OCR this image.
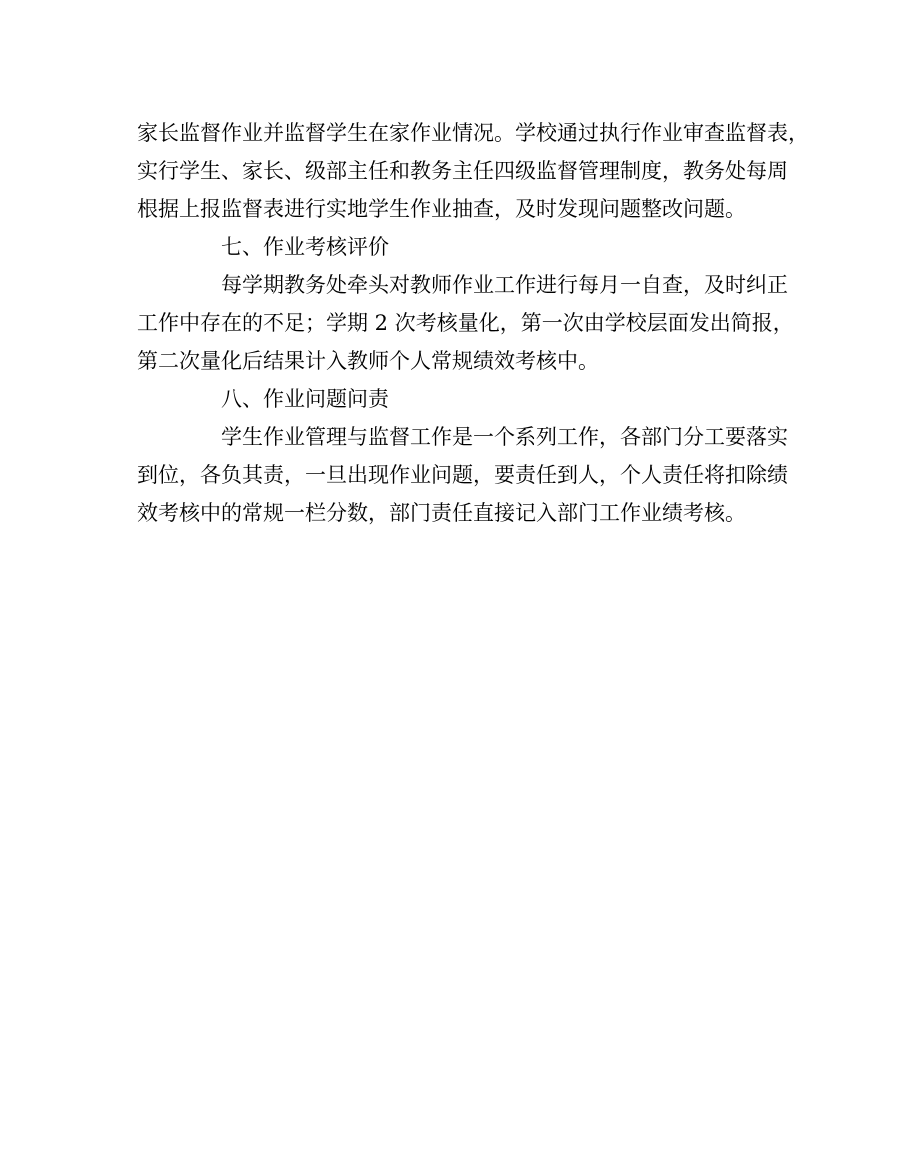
家长监督作业并监督学生在家作业情况。学校通过执行作业审查监督表，
实行学生、家长、级部主任和教务主任四级监督管理制度，教务处每周
根据上报监督表进行实地学生作业抽查，及时发现问题整改问题。
七、作业考核评价
每学期教务处牵头对教师作业工作进行每月一自查，及时纠正
工作中存在的不足；学期 2 次考核量化，第一次由学校层面发出简报，
第二次量化后结果计入教师个人常规绩效考核中。
八、作业问题问责
学生作业管理与监督工作是一个系列工作，各部门分工要落实
到位，各负其责，一旦出现作业问题，要责任到人，个人责任将扣除绩
效考核中的常规一栏分数，部门责任直接记入部门工作业绩考核。
